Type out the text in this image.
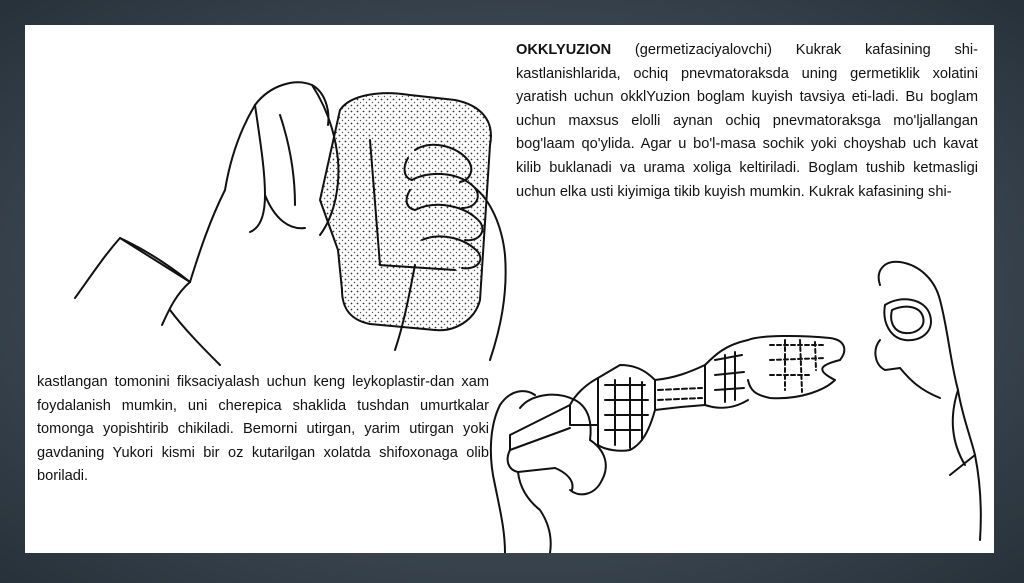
OKKLYUZION (germetizaciyalovchi) Kukrak kafasining shi-kastlanishlarida, ochiq pnevmatoraksda uning germetiklik xolatini yaratish uchun okklYuzion boglam kuyish tavsiya eti-ladi. Bu boglam uchun maxsus elolli aynan ochiq pnevmatoraksga mo'ljallangan bog'laam qo'ylida. Agar u bo'l-masa sochik yoki choyshab uch kavat kilib buklanadi va urama xoliga keltiriladi. Boglam tushib ketmasligi uchun elka usti kiyimiga tikib kuyish mumkin. Kukrak kafasining shi-

kastlangan tomonini fiksaciyalash uchun keng leykoplastir-dan xam foydalanish mumkin, uni cherepica shaklida tushdan umurtkalar tomonga yopishtirib chikiladi. Bemorni utirgan, yarim utirgan yoki gavdaning Yukori kismi bir oz kutarilgan xolatda shifoxonaga olib boriladi.
